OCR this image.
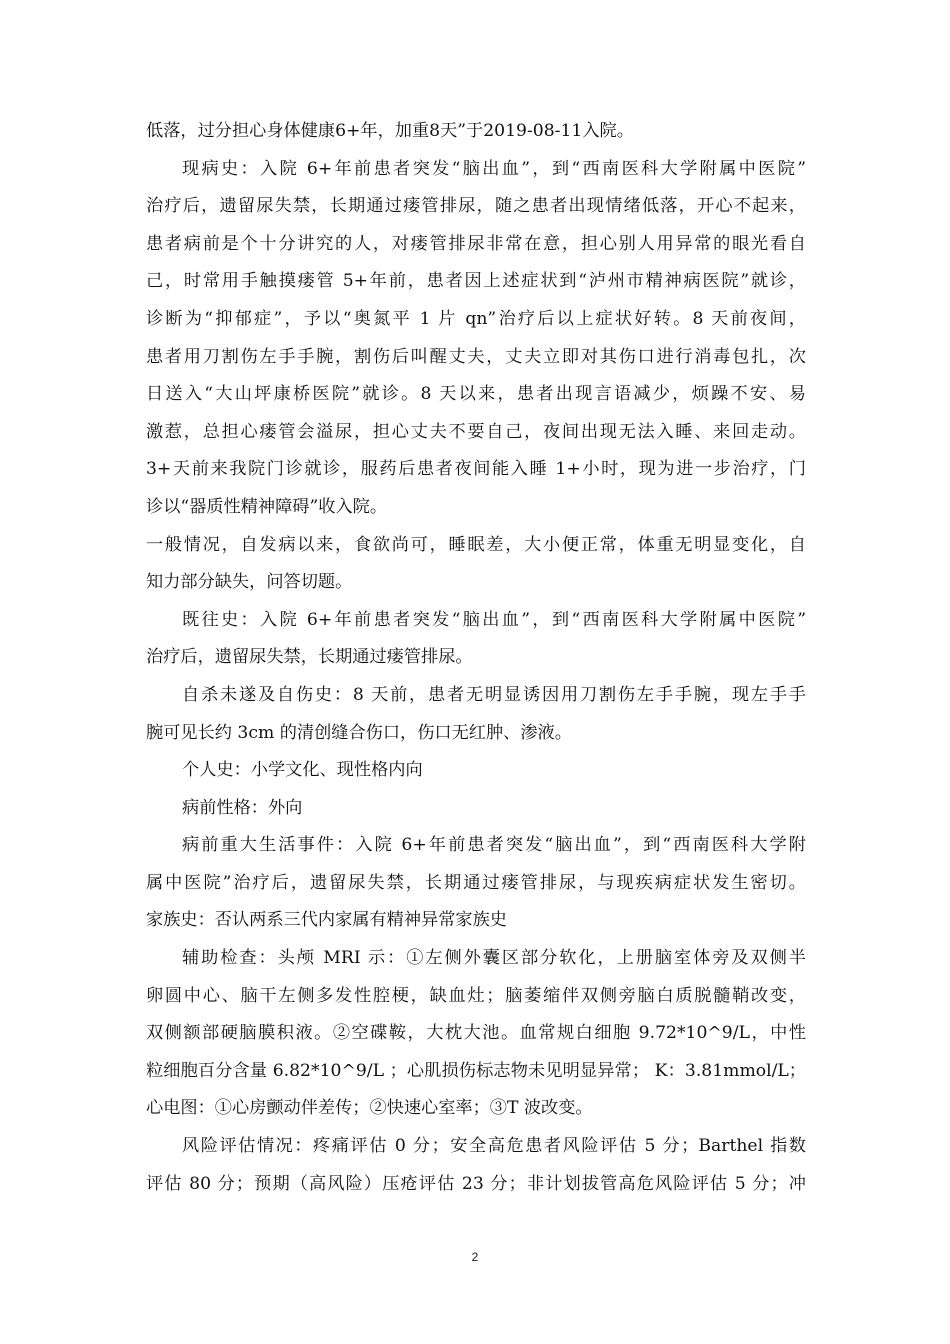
低落，过分担心身体健康6+年，加重8天”于2019-08-11入院。
现病史：入院 6+年前患者突发“脑出血”，到“西南医科大学附属中医院”
治疗后，遗留尿失禁，长期通过瘘管排尿，随之患者出现情绪低落，开心不起来，
患者病前是个十分讲究的人，对瘘管排尿非常在意，担心别人用异常的眼光看自
己，时常用手触摸瘘管 5+年前，患者因上述症状到“泸州市精神病医院”就诊，
诊断为“抑郁症”，予以“奥氮平 1 片 qn”治疗后以上症状好转。8 天前夜间，
患者用刀割伤左手手腕，割伤后叫醒丈夫，丈夫立即对其伤口进行消毒包扎，次
日送入“大山坪康桥医院”就诊。8 天以来，患者出现言语减少，烦躁不安、易
激惹，总担心瘘管会溢尿，担心丈夫不要自己，夜间出现无法入睡、来回走动。
3+天前来我院门诊就诊，服药后患者夜间能入睡 1+小时，现为进一步治疗，门
诊以“器质性精神障碍”收入院。
一般情况，自发病以来，食欲尚可，睡眠差，大小便正常，体重无明显变化，自
知力部分缺失，问答切题。
既往史：入院 6+年前患者突发“脑出血”，到“西南医科大学附属中医院”
治疗后，遗留尿失禁，长期通过瘘管排尿。
自杀未遂及自伤史：8 天前，患者无明显诱因用刀割伤左手手腕，现左手手
腕可见长约 3cm 的清创缝合伤口，伤口无红肿、渗液。
个人史：小学文化、现性格内向
病前性格：外向
病前重大生活事件：入院 6+年前患者突发“脑出血”，到“西南医科大学附
属中医院”治疗后，遗留尿失禁，长期通过瘘管排尿，与现疾病症状发生密切。
家族史：否认两系三代内家属有精神异常家族史
辅助检查：头颅 MRI 示：①左侧外囊区部分软化，上册脑室体旁及双侧半
卵圆中心、脑干左侧多发性腔梗，缺血灶；脑萎缩伴双侧旁脑白质脱髓鞘改变，
双侧额部硬脑膜积液。②空碟鞍，大枕大池。血常规白细胞 9.72*10^9/L，中性
粒细胞百分含量 6.82*10^9/L ；心肌损伤标志物未见明显异常； K：3.81mmol/L；
心电图：①心房颤动伴差传；②快速心室率；③T 波改变。
风险评估情况：疼痛评估 0 分；安全高危患者风险评估 5 分；Barthel 指数
评估 80 分；预期（高风险）压疮评估 23 分；非计划拔管高危风险评估 5 分；冲
2
